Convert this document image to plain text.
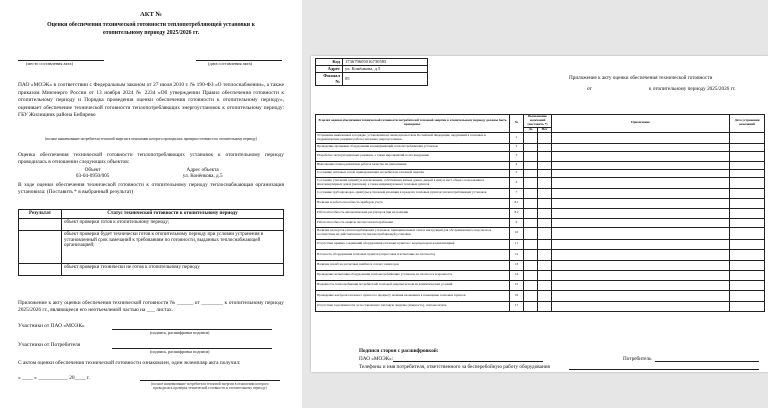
АКТ №
Оценки обеспечения технической готовности теплопотребляющей установки к
отопительному периоду 2025/2026 гг.
(место составления акта)	(дата составления акта)
ПАО «МОЭК» в соответствии с Федеральным законом от 27 июля 2010 г. № 190-ФЗ «О теплоснабжении», а также приказом Минэнерго России от 13 ноября 2024 № 2234 «Об утверждении Правил обеспечения готовности к отопительному периоду и Порядка проведения оценки обеспечения готовности к отопительному периоду», оценивает обеспечение технической готовности теплопотребляющих энергоустановок к отопительному периоду: ГБУ Жилищник района Бибирево
(полное наименование потребителя тепловой энергии в отношении которого проводилась проверка готовности к отопительному периоду)
Оценка обеспечения технической готовности теплопотребляющих установок к отопительному периоду проводилась в отношении следующих объектов:
Объект	Адрес объекта
03-04-0950/005	ул. Конёнкова, д.5
В ходе оценки обеспечения технической готовности к отопительному периоду теплоснабжающая организация установила: (Поставить * в выбранный результат)
Результат	Статус технической готовности к отопительному периоду
	объект проверки готов к отопительному периоду;
	объект проверки будет технически готов к отопительному периоду при условии устранения в установленный срок замечаний к требованиям по готовности, выданных теплоснабжающей организацией;
	объект проверки технически не готов к отопительному периоду
Приложение к акту оценки обеспечения технической готовности № ______ от ________ к отопительному периоду 2025/2026 гг., являющееся его неотъемлемой частью на ___ листах.
Участники от ПАО «МОЭК»
(подпись, расшифровка подписи)
Участники от Потребителя
(подпись, расшифровка подписи)
С актом оценки обеспечения технической готовности ознакомлен, один экземпляр акта получил:
« ____ » ___________ 20____ г.
(полное наименование потребителя тепловой энергии в отношении которого проводилась проверка технической готовности к отопительному периоду)
Код	173679605016730585
Адрес	ул. Конёнкова, д.5
Филиал №	05	Приложение к акту оценки обеспечения технической готовности
от	к отопительному периоду 2025/2026 гг.
В целях оценки обеспечения технической готовности потребителей тепловой энергии к отопительному периоду должны быть проведены:	№	Выполнение замечаний (поставить *)		Примечание	Дата устранения замечаний
		Да	Нет		
Устранение выявленных в порядке, установленном законодательством Российской Федерации, нарушений в тепловых и гидравлических режимах работы тепловых энергоустановок	1				
Проведение промывки оборудования и коммуникаций теплопотребляющих установок	2				
Разработка эксплуатационных режимов, а также мероприятий по их внедрению	3				
Выполнение плана ремонтных работ и качество их выполнения	4				
Состояние тепловых сетей, принадлежащих потребителю тепловой энергии	5				
Состояние утепления зданий (за исключением, собственных жилых домов, дверей в них) и мест общего пользования в многоквартирных домах (включая), а также индивидуальных тепловых пунктов	6				
Состояние трубопроводов, арматуры и тепловой изоляции в пределах тепловых пунктов теплопотребляющих установок	7				
Наличие и работоспособность приборов учета	8.1				
Работоспособность автоматических регуляторов при их наличии	8.2				
Работоспособность защиты систем теплопотребления	9				
Наличие паспортов теплопотребляющих установок, принципиальных схем и инструкций для обслуживающего персонала и соответствие их действительности теплопотребляющей установки	10				
Отсутствие прямых соединений оборудования тепловых пунктов с водопроводом и канализацией	11				
Плотность оборудования тепловых пунктов (опрессовка и испытание на плотность)	12				
Наличие пломб на расчетных шайбах и соплах элеваторов	13				
Проведение испытания оборудования теплопотребляющих установок на плотность и прочность	14				
Надежность теплоснабжения потребителей тепловой энергии исходя из климатических условий	15				
Проведение контроля теплового пункта по предмету наличия вложенных в помещение тепловых пунктов	16				
Отсутствие задолженности за поставленную тепловую энергию (мощность), теплоноситель	17				
Подписи сторон с расшифровкой:
ПАО «МОЭК»:	Потребитель
Телефоны и имя потребителя, ответственного за бесперебойную работу оборудования
